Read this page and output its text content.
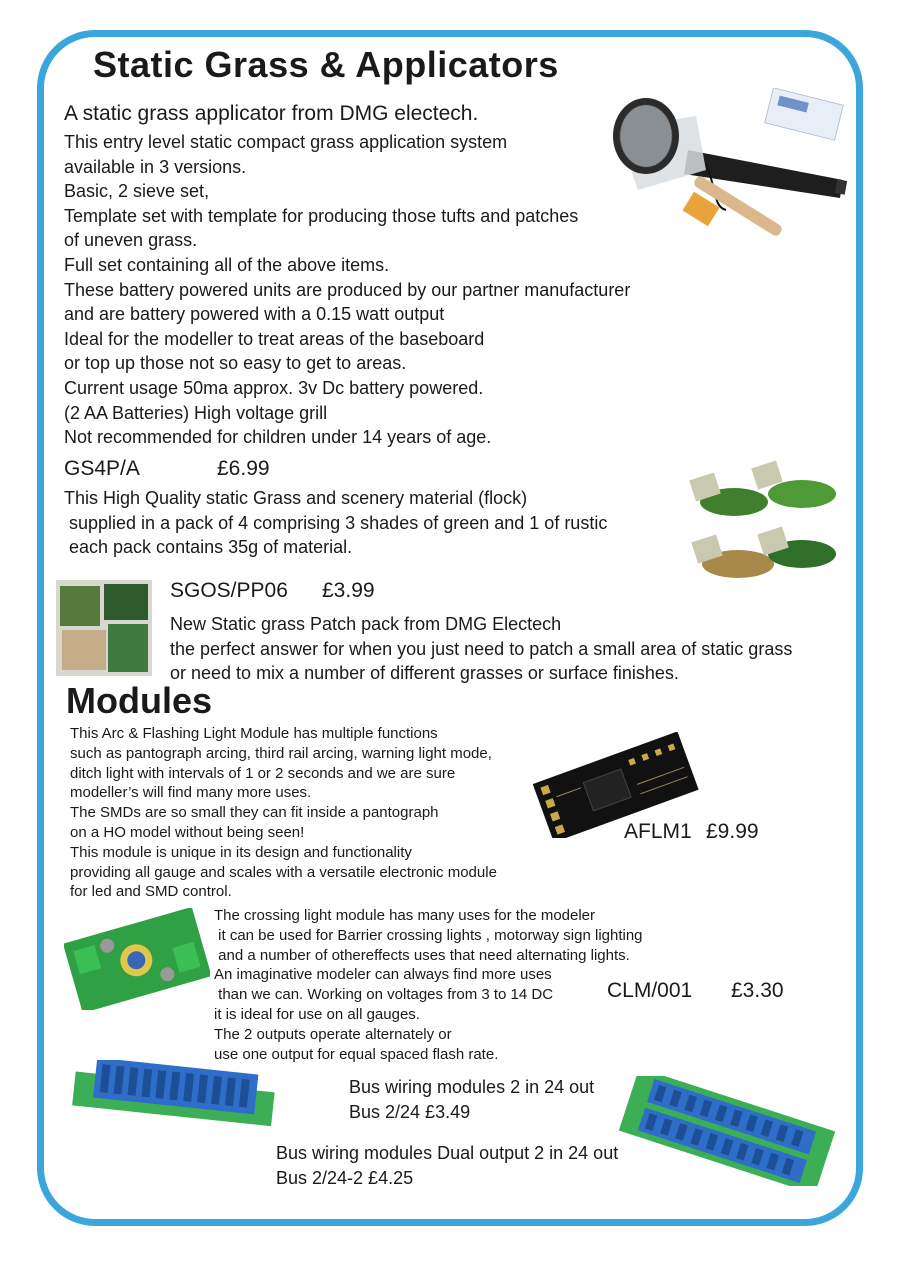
Static Grass & Applicators
A static grass applicator from DMG electech.
This entry level static compact grass application system
available in 3 versions.
Basic, 2 sieve set,
Template set with template for producing those tufts and patches
of uneven grass.
Full set containing all of the above items.
These battery powered units are produced by our partner manufacturer
and are battery powered with a 0.15 watt output
Ideal for the modeller to treat areas of the baseboard
or top up those not so easy to get to areas.
Current usage 50ma approx. 3v Dc battery powered.
(2 AA Batteries) High voltage grill
Not recommended for children under 14 years of age.
GS4P/A	£6.99
This High Quality static Grass and scenery material (flock)
supplied in a pack of 4 comprising 3 shades of green and 1 of rustic
each pack contains 35g of material.
SGOS/PP06 £3.99
New Static grass Patch pack from DMG Electech
the perfect answer for when you just need to patch a small area of static grass
or need to mix a number of different grasses or surface finishes.
Modules
This Arc & Flashing Light Module has multiple functions
such as pantograph arcing, third rail arcing, warning light mode,
ditch light with intervals of 1 or 2 seconds and we are sure
modeller’s will find many more uses.
The SMDs are so small they can fit inside a pantograph
on a HO model without being seen!
This module is unique in its design and functionality
providing all gauge and scales with a versatile electronic module
for led and SMD control.
AFLM1 £9.99
The crossing light module has many uses for the modeler
it can be used for Barrier crossing lights , motorway sign lighting
and a number of othereffects uses that need alternating lights.
An imaginative modeler can always find more uses
than we can. Working on voltages from 3 to 14 DC
it is ideal for use on all gauges.
The 2 outputs operate alternately or
use one output for equal spaced flash rate.
CLM/001 £3.30
Bus wiring modules 2 in 24 out
Bus 2/24 £3.49
Bus wiring modules Dual output 2 in 24 out
Bus 2/24-2 £4.25
